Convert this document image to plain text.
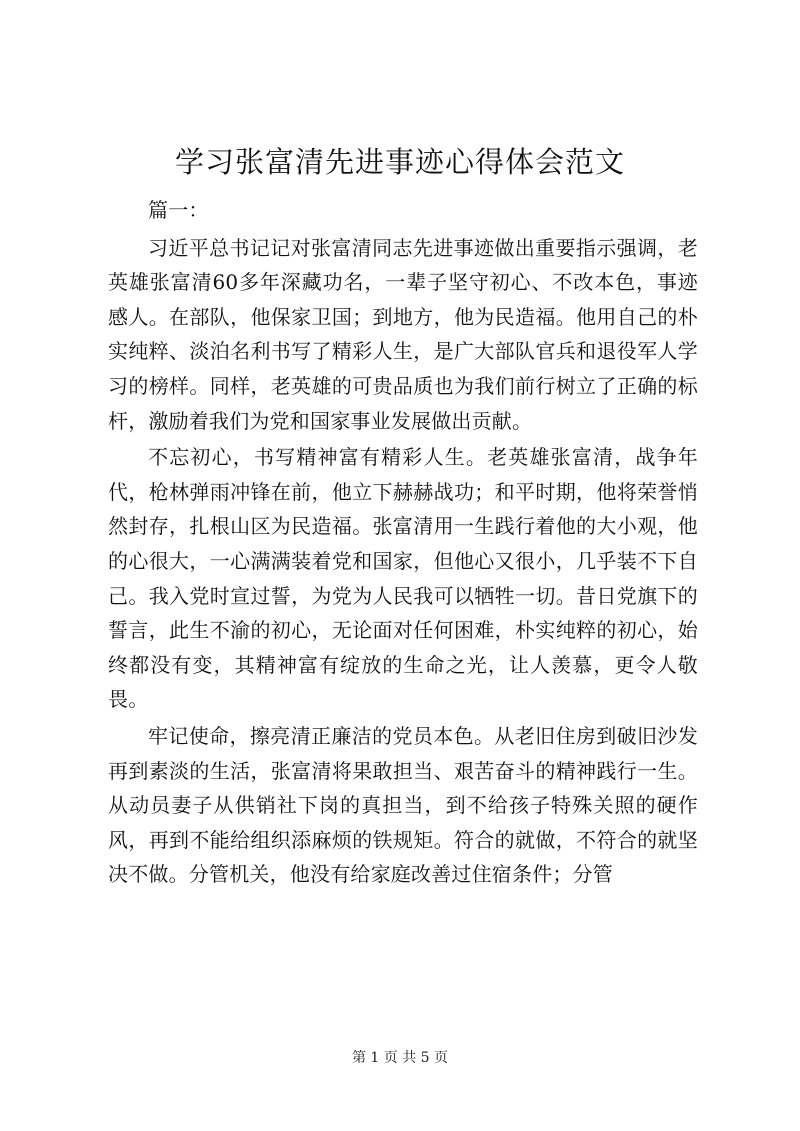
学习张富清先进事迹心得体会范文

篇一：

习近平总书记记对张富清同志先进事迹做出重要指示强调，老英雄张富清60多年深藏功名，一辈子坚守初心、不改本色，事迹感人。在部队，他保家卫国；到地方，他为民造福。他用自己的朴实纯粹、淡泊名利书写了精彩人生，是广大部队官兵和退役军人学习的榜样。同样，老英雄的可贵品质也为我们前行树立了正确的标杆，激励着我们为党和国家事业发展做出贡献。

不忘初心，书写精神富有精彩人生。老英雄张富清，战争年代，枪林弹雨冲锋在前，他立下赫赫战功；和平时期，他将荣誉悄然封存，扎根山区为民造福。张富清用一生践行着他的大小观，他的心很大，一心满满装着党和国家，但他心又很小，几乎装不下自己。我入党时宣过誓，为党为人民我可以牺牲一切。昔日党旗下的誓言，此生不渝的初心，无论面对任何困难，朴实纯粹的初心，始终都没有变，其精神富有绽放的生命之光，让人羡慕，更令人敬畏。

牢记使命，擦亮清正廉洁的党员本色。从老旧住房到破旧沙发再到素淡的生活，张富清将果敢担当、艰苦奋斗的精神践行一生。从动员妻子从供销社下岗的真担当，到不给孩子特殊关照的硬作风，再到不能给组织添麻烦的铁规矩。符合的就做，不符合的就坚决不做。分管机关，他没有给家庭改善过住宿条件；分管

第 1 页 共 5 页
